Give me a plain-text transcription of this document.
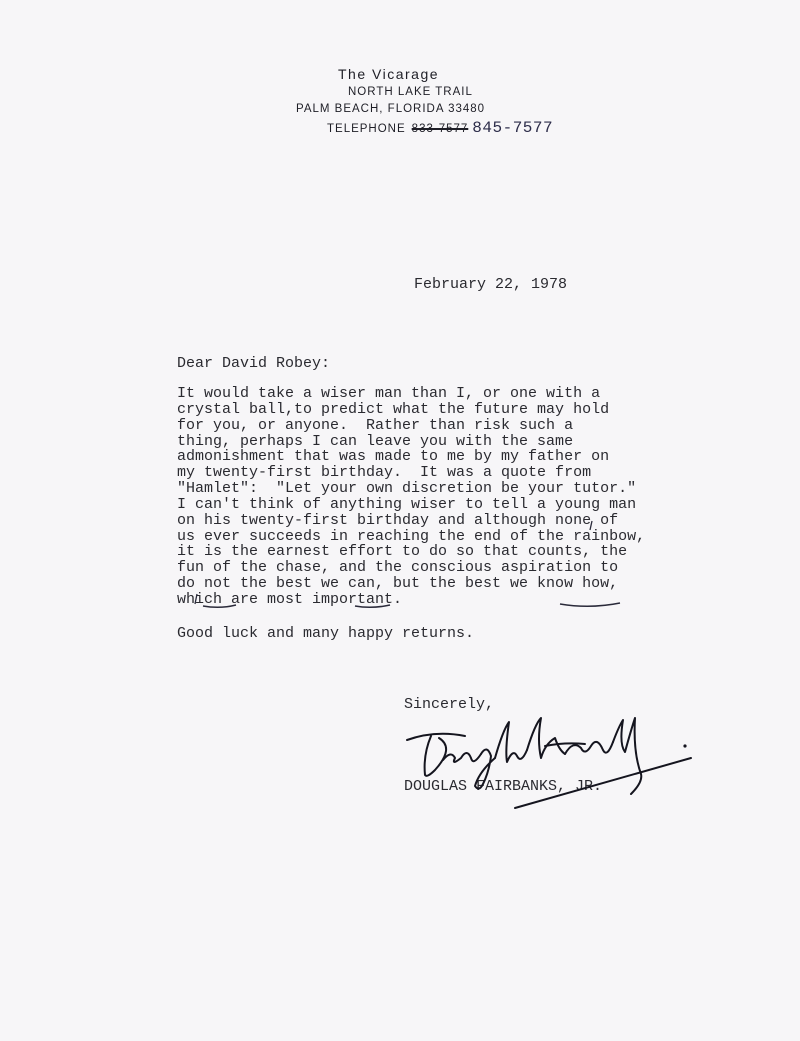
The Vicarage
NORTH LAKE TRAIL
PALM BEACH, FLORIDA 33480
TELEPHONE 833-7577 845-7577
February 22, 1978
Dear David Robey:
It would take a wiser man than I, or one with a
crystal ball,to predict what the future may hold
for you, or anyone.  Rather than risk such a
thing, perhaps I can leave you with the same
admonishment that was made to me by my father on
my twenty-first birthday.  It was a quote from
"Hamlet":  "Let your own discretion be your tutor."
I can't think of anything wiser to tell a young man
on his twenty-first birthday and although none of
us ever succeeds in reaching the end of the rainbow,
it is the earnest effort to do so that counts, the
fun of the chase, and the conscious aspiration to
do not the best we can, but the best we know how,
which are most important.
Good luck and many happy returns.
Sincerely,
DOUGLAS FAIRBANKS, JR.
